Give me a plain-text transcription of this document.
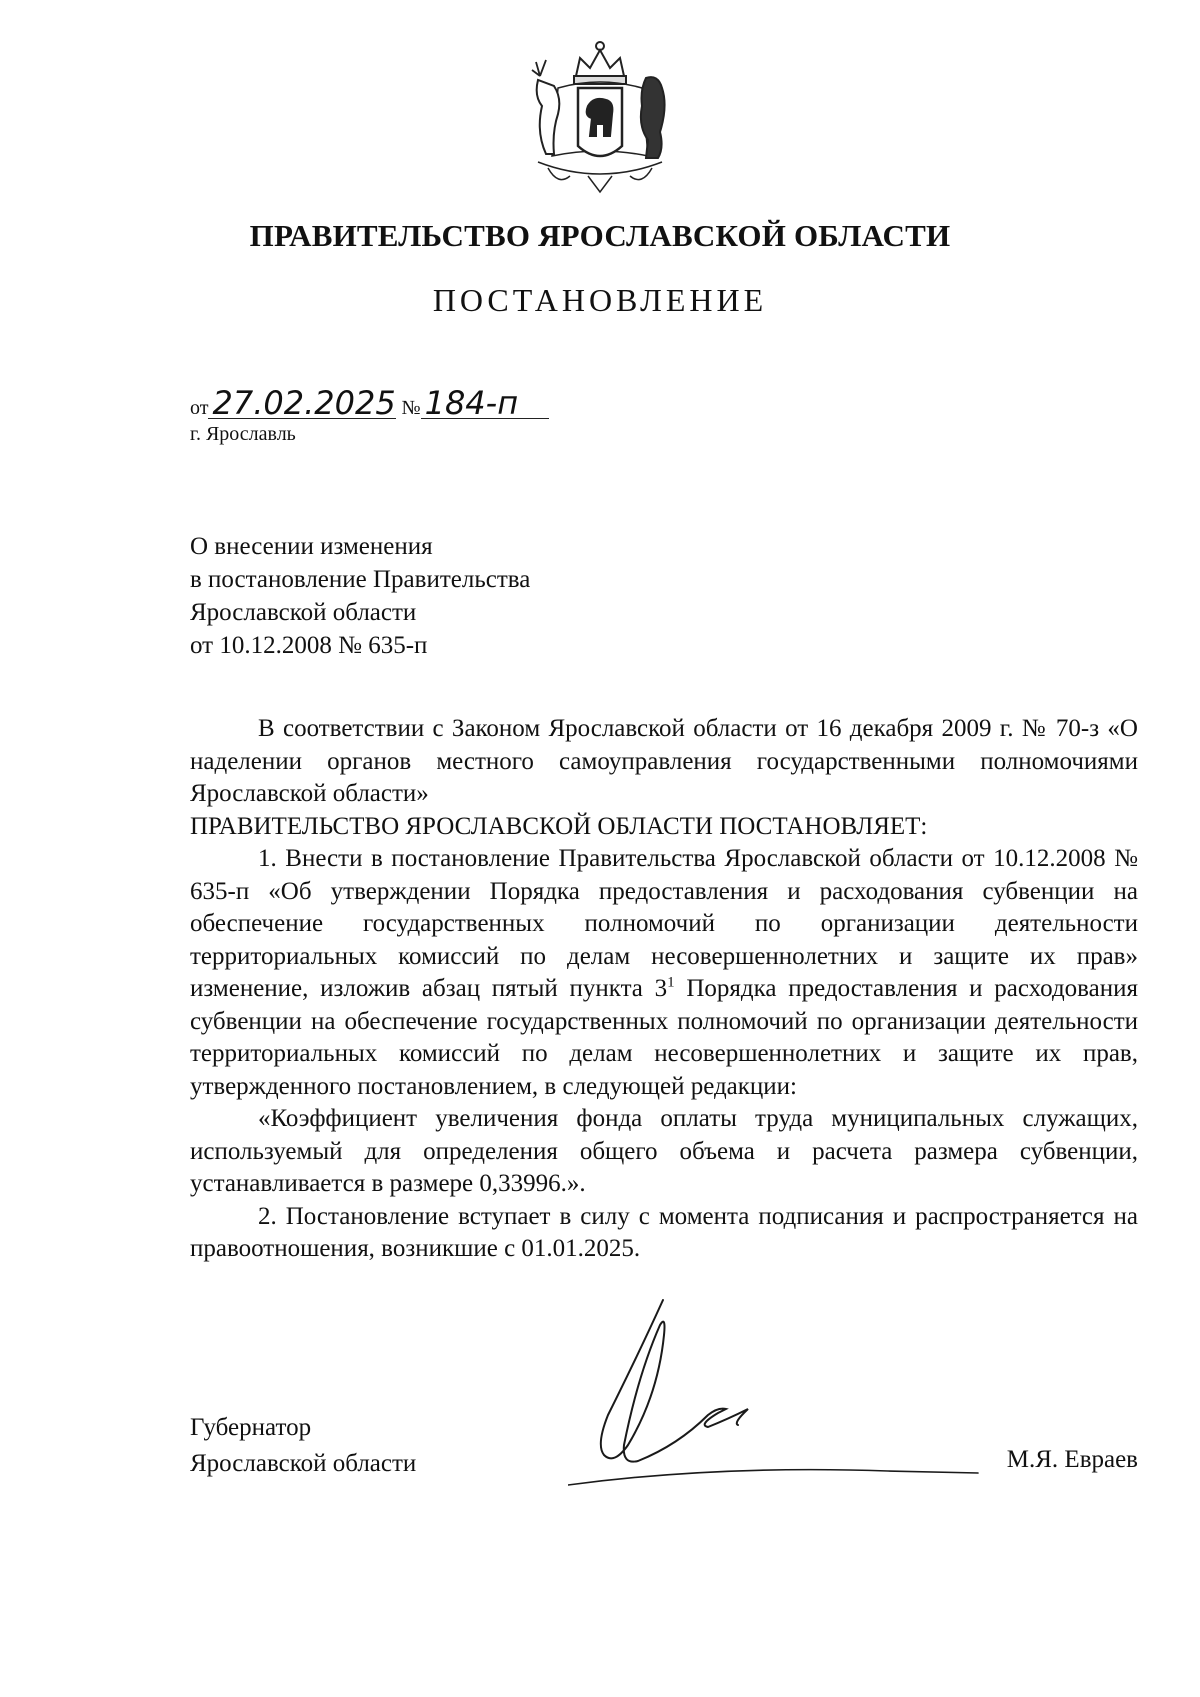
ПРАВИТЕЛЬСТВО ЯРОСЛАВСКОЙ ОБЛАСТИ
ПОСТАНОВЛЕНИЕ
от 27.02.2025 № 184-п
г. Ярославль
О внесении изменения
в постановление Правительства
Ярославской области
от 10.12.2008 № 635-п

В соответствии с Законом Ярославской области от 16 декабря 2009 г. № 70-з «О наделении органов местного самоуправления государственными полномочиями Ярославской области»

ПРАВИТЕЛЬСТВО ЯРОСЛАВСКОЙ ОБЛАСТИ ПОСТАНОВЛЯЕТ:

1. Внести в постановление Правительства Ярославской области от 10.12.2008 № 635-п «Об утверждении Порядка предоставления и расходования субвенции на обеспечение государственных полномочий по организации деятельности территориальных комиссий по делам несовершеннолетних и защите их прав» изменение, изложив абзац пятый пункта $3^1$ Порядка предоставления и расходования субвенции на обеспечение государственных полномочий по организации деятельности территориальных комиссий по делам несовершеннолетних и защите их прав, утвержденного постановлением, в следующей редакции:

«Коэффициент увеличения фонда оплаты труда муниципальных служащих, используемый для определения общего объема и расчета размера субвенции, устанавливается в размере 0,33996.».

2. Постановление вступает в силу с момента подписания и распространяется на правоотношения, возникшие с 01.01.2025.

Губернатор
Ярославской области	М.Я. Евраев
